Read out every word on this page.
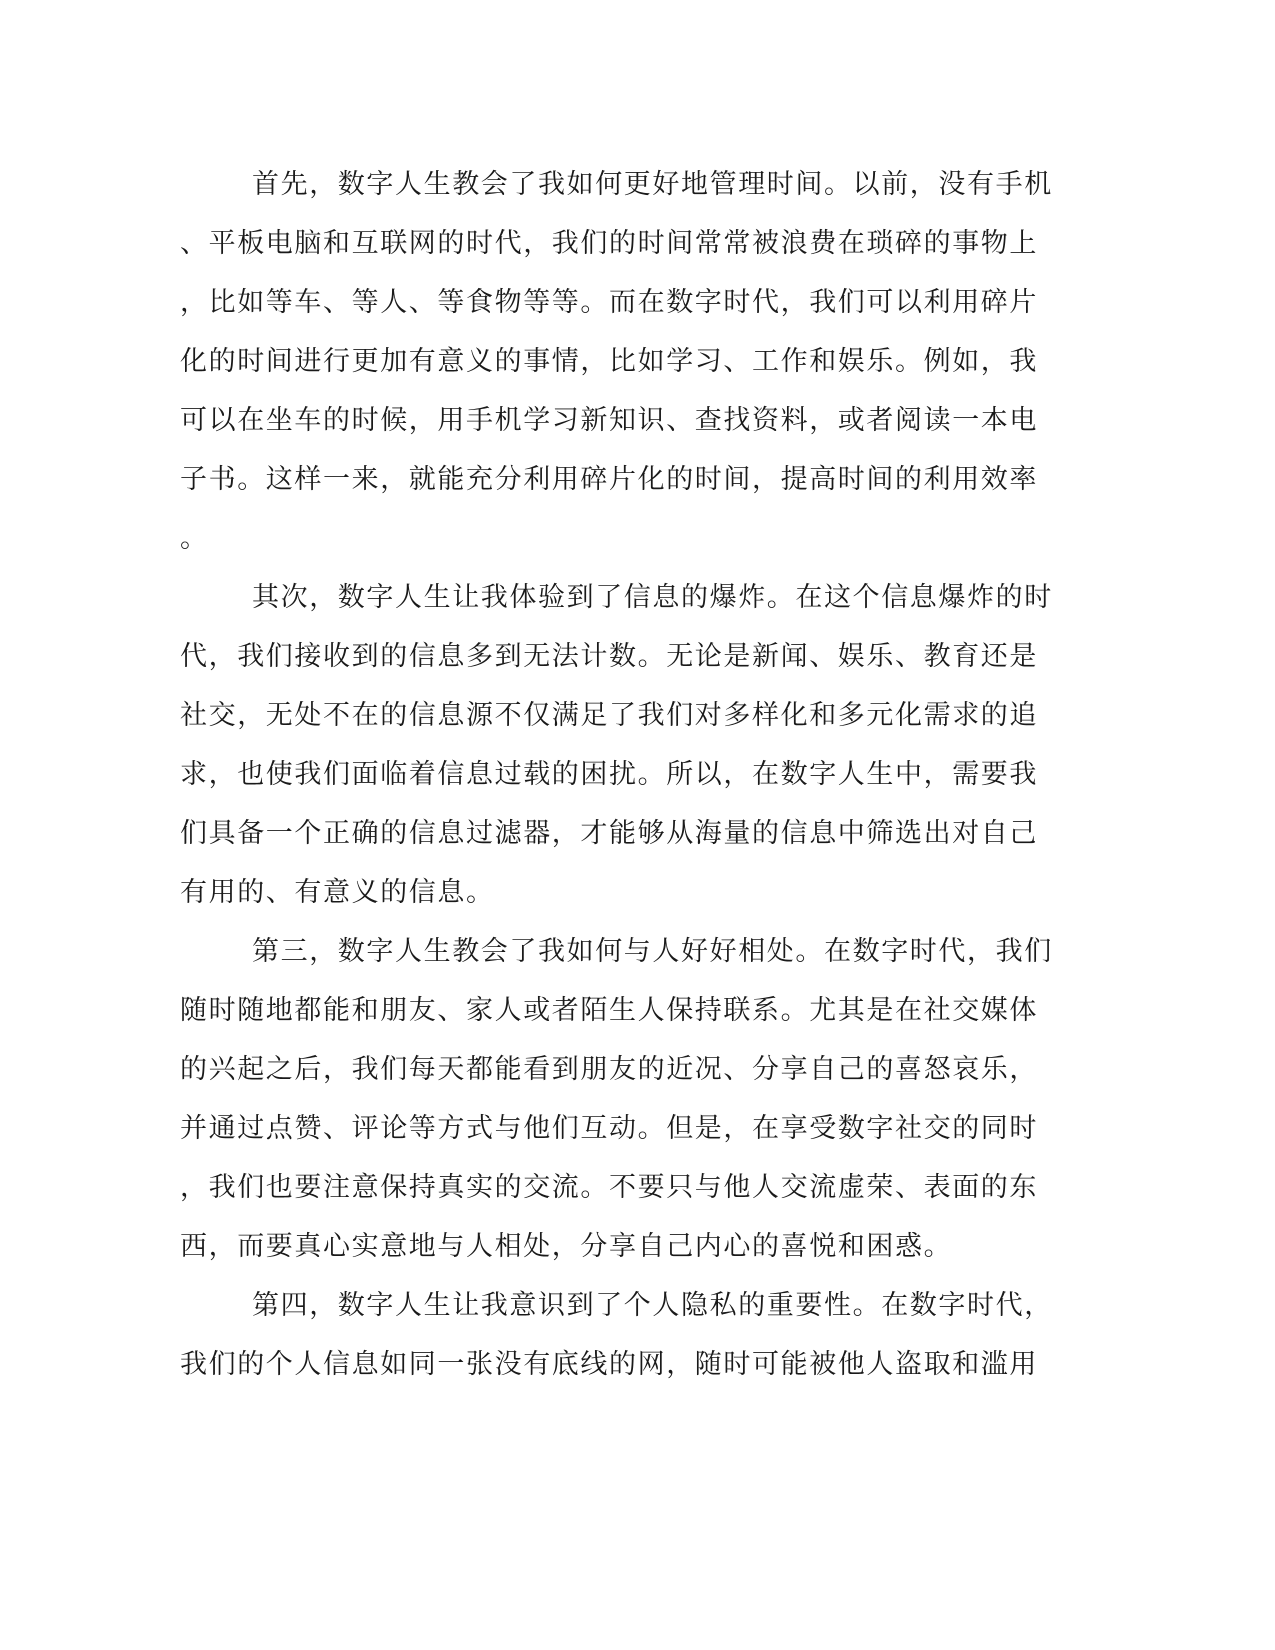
首先，数字人生教会了我如何更好地管理时间。以前，没有手机
、平板电脑和互联网的时代，我们的时间常常被浪费在琐碎的事物上
，比如等车、等人、等食物等等。而在数字时代，我们可以利用碎片
化的时间进行更加有意义的事情，比如学习、工作和娱乐。例如，我
可以在坐车的时候，用手机学习新知识、查找资料，或者阅读一本电
子书。这样一来，就能充分利用碎片化的时间，提高时间的利用效率
。
其次，数字人生让我体验到了信息的爆炸。在这个信息爆炸的时
代，我们接收到的信息多到无法计数。无论是新闻、娱乐、教育还是
社交，无处不在的信息源不仅满足了我们对多样化和多元化需求的追
求，也使我们面临着信息过载的困扰。所以，在数字人生中，需要我
们具备一个正确的信息过滤器，才能够从海量的信息中筛选出对自己
有用的、有意义的信息。
第三，数字人生教会了我如何与人好好相处。在数字时代，我们
随时随地都能和朋友、家人或者陌生人保持联系。尤其是在社交媒体
的兴起之后，我们每天都能看到朋友的近况、分享自己的喜怒哀乐，
并通过点赞、评论等方式与他们互动。但是，在享受数字社交的同时
，我们也要注意保持真实的交流。不要只与他人交流虚荣、表面的东
西，而要真心实意地与人相处，分享自己内心的喜悦和困惑。
第四，数字人生让我意识到了个人隐私的重要性。在数字时代，
我们的个人信息如同一张没有底线的网，随时可能被他人盗取和滥用
